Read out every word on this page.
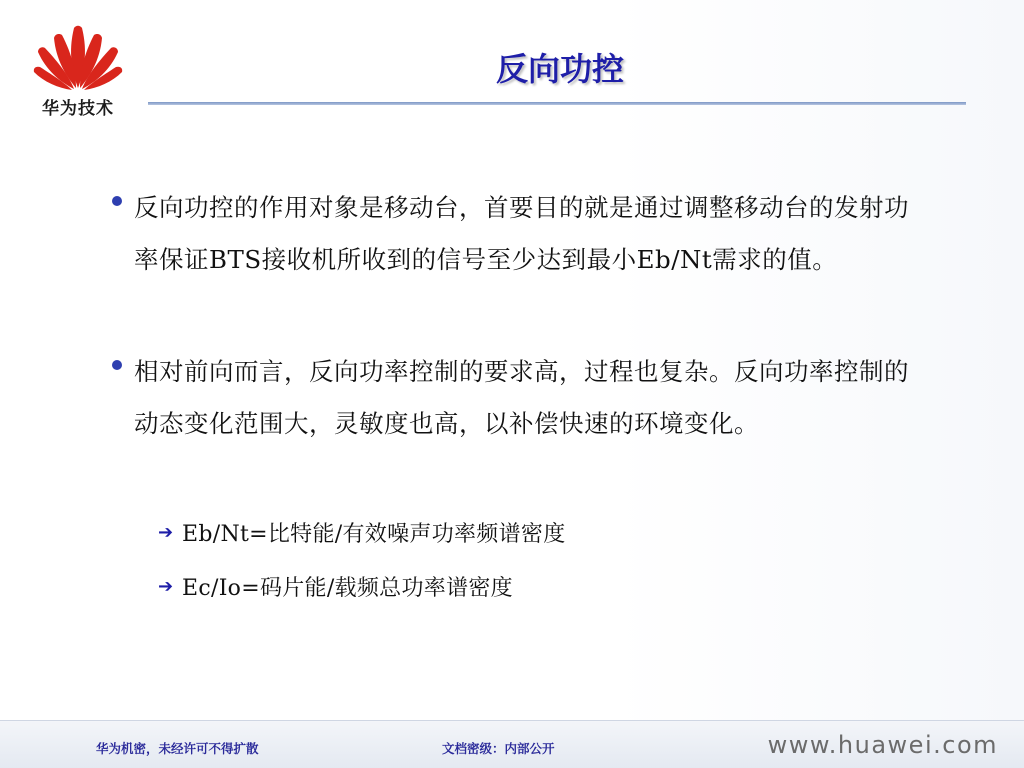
华为技术
反向功控
反向功控的作用对象是移动台，首要目的就是通过调整移动台的发射功率保证BTS接收机所收到的信号至少达到最小Eb/Nt需求的值。
相对前向而言，反向功率控制的要求高，过程也复杂。反向功率控制的动态变化范围大，灵敏度也高，以补偿快速的环境变化。
➔ Eb/Nt=比特能/有效噪声功率频谱密度
➔ Ec/Io=码片能/载频总功率谱密度
华为机密，未经许可不得扩散	文档密级：内部公开	www.huawei.com
